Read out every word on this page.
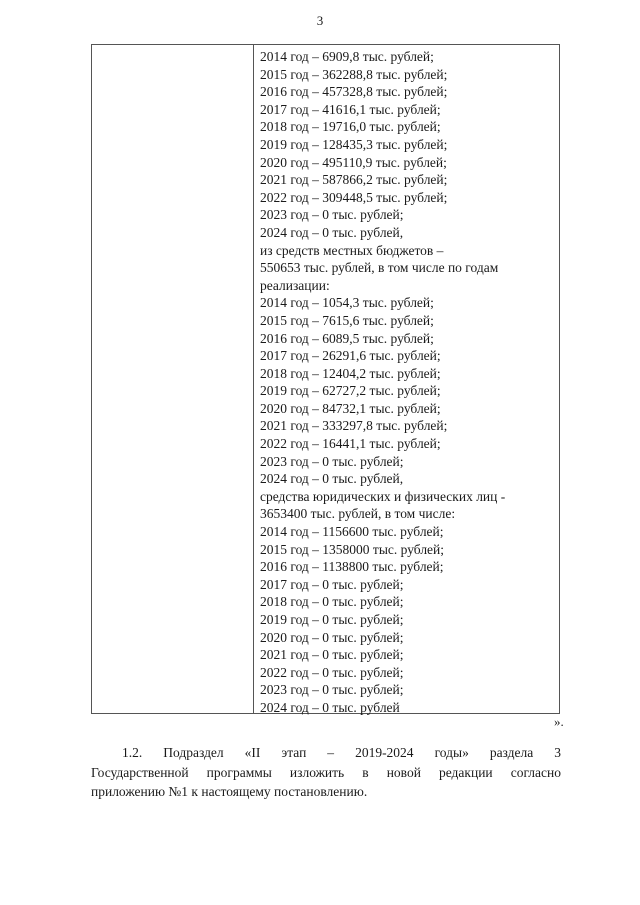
3
2014 год – 6909,8 тыс. рублей;
2015 год – 362288,8 тыс. рублей;
2016 год – 457328,8 тыс. рублей;
2017 год – 41616,1 тыс. рублей;
2018 год – 19716,0 тыс. рублей;
2019 год – 128435,3 тыс. рублей;
2020 год – 495110,9 тыс. рублей;
2021 год – 587866,2 тыс. рублей;
2022 год – 309448,5 тыс. рублей;
2023 год – 0 тыс. рублей;
2024 год – 0 тыс. рублей,
из средств местных бюджетов –
550653 тыс. рублей, в том числе по годам
реализации:
2014 год – 1054,3 тыс. рублей;
2015 год – 7615,6 тыс. рублей;
2016 год – 6089,5 тыс. рублей;
2017 год – 26291,6 тыс. рублей;
2018 год – 12404,2 тыс. рублей;
2019 год – 62727,2 тыс. рублей;
2020 год – 84732,1 тыс. рублей;
2021 год – 333297,8 тыс. рублей;
2022 год – 16441,1 тыс. рублей;
2023 год – 0 тыс. рублей;
2024 год – 0 тыс. рублей,
средства юридических и физических лиц -
3653400 тыс. рублей, в том числе:
2014 год – 1156600 тыс. рублей;
2015 год – 1358000 тыс. рублей;
2016 год – 1138800 тыс. рублей;
2017 год – 0 тыс. рублей;
2018 год – 0 тыс. рублей;
2019 год – 0 тыс. рублей;
2020 год – 0 тыс. рублей;
2021 год – 0 тыс. рублей;
2022 год – 0 тыс. рублей;
2023 год – 0 тыс. рублей;
2024 год – 0 тыс. рублей
».
1.2. Подраздел «II этап – 2019-2024 годы» раздела 3
Государственной программы изложить в новой редакции согласно
приложению №1 к настоящему постановлению.
